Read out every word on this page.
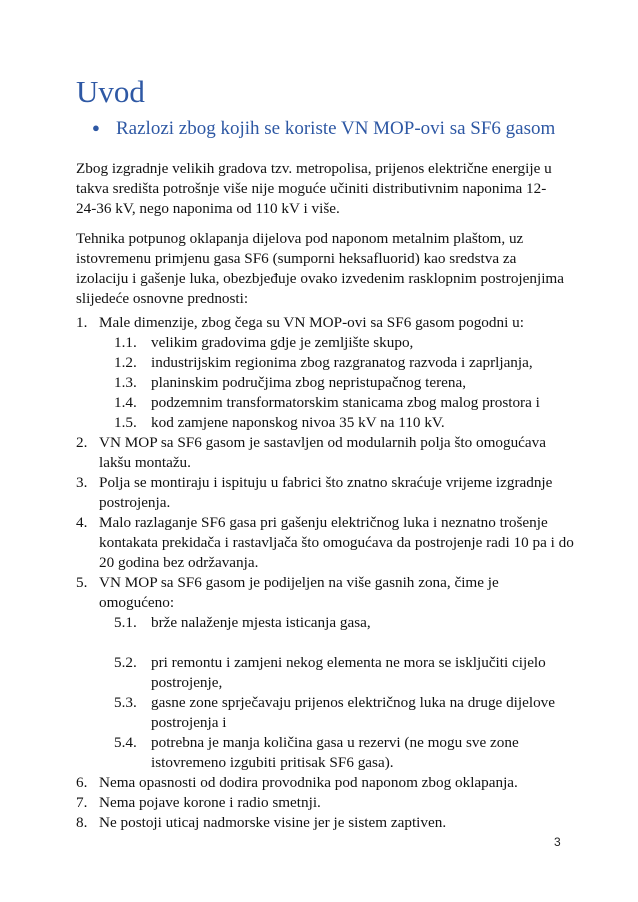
Uvod
● Razlozi zbog kojih se koriste VN MOP-ovi sa SF6 gasom

Zbog izgradnje velikih gradova tzv. metropolisa, prijenos električne energije u takva središta potrošnje više nije moguće učiniti distributivnim naponima 12-24-36 kV, nego naponima od 110 kV i više.

Tehnika potpunog oklapanja dijelova pod naponom metalnim plaštom, uz istovremenu primjenu gasa SF6 (sumporni heksafluorid) kao sredstva za izolaciju i gašenje luka, obezbjeđuje ovako izvedenim rasklopnim postrojenjima slijedeće osnovne prednosti:

1. Male dimenzije, zbog čega su VN MOP-ovi sa SF6 gasom pogodni u:
1.1. velikim gradovima gdje je zemljište skupo,
1.2. industrijskim regionima zbog razgranatog razvoda i zaprljanja,
1.3. planinskim područjima zbog nepristupačnog terena,
1.4. podzemnim transformatorskim stanicama zbog malog prostora i
1.5. kod zamjene naponskog nivoa 35 kV na 110 kV.
2. VN MOP sa SF6 gasom je sastavljen od modularnih polja što omogućava lakšu montažu.
3. Polja se montiraju i ispituju u fabrici što znatno skraćuje vrijeme izgradnje postrojenja.
4. Malo razlaganje SF6 gasa pri gašenju električnog luka i neznatno trošenje kontakata prekidača i rastavljača što omogućava da postrojenje radi 10 pa i do 20 godina bez održavanja.
5. VN MOP sa SF6 gasom je podijeljen na više gasnih zona, čime je omogućeno:
5.1. brže nalaženje mjesta isticanja gasa,
5.2. pri remontu i zamjeni nekog elementa ne mora se isključiti cijelo postrojenje,
5.3. gasne zone sprječavaju prijenos električnog luka na druge dijelove postrojenja i
5.4. potrebna je manja količina gasa u rezervi (ne mogu sve zone istovremeno izgubiti pritisak SF6 gasa).
6. Nema opasnosti od dodira provodnika pod naponom zbog oklapanja.
7. Nema pojave korone i radio smetnji.
8. Ne postoji uticaj nadmorske visine jer je sistem zaptiven.
3
